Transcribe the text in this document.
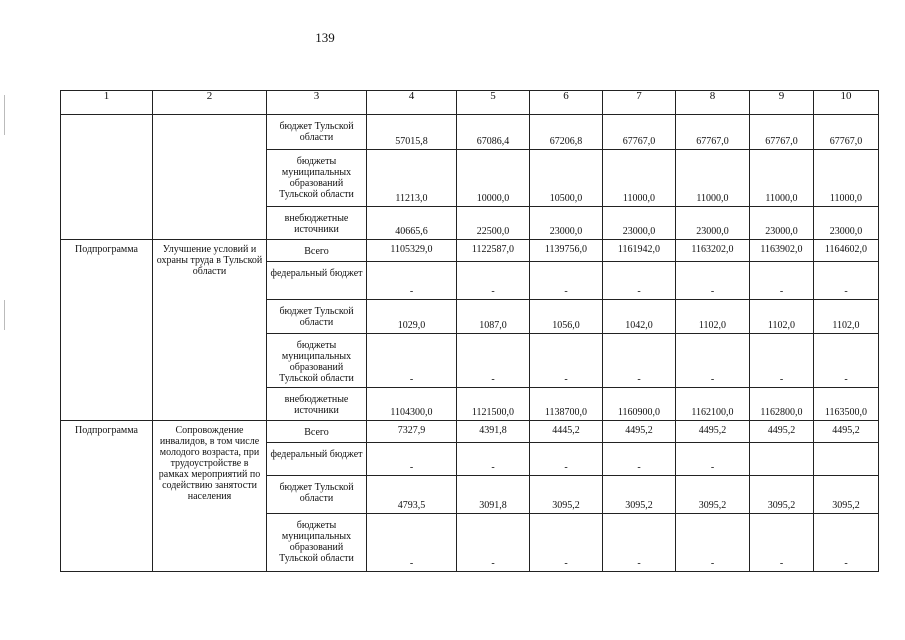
139
1	2	3	4	5	6	7	8	9	10
		бюджет Тульской области	57015,8	67086,4	67206,8	67767,0	67767,0	67767,0	67767,0
		бюджеты муниципальных образований Тульской области	11213,0	10000,0	10500,0	11000,0	11000,0	11000,0	11000,0
		внебюджетные источники	40665,6	22500,0	23000,0	23000,0	23000,0	23000,0	23000,0
Подпрограмма	Улучшение условий и охраны труда в Тульской области	Всего	1105329,0	1122587,0	1139756,0	1161942,0	1163202,0	1163902,0	1164602,0
		федеральный бюджет	-	-	-	-	-	-	-
		бюджет Тульской области	1029,0	1087,0	1056,0	1042,0	1102,0	1102,0	1102,0
		бюджеты муниципальных образований Тульской области	-	-	-	-	-	-	-
		внебюджетные источники	1104300,0	1121500,0	1138700,0	1160900,0	1162100,0	1162800,0	1163500,0
Подпрограмма	Сопровождение инвалидов, в том числе молодого возраста, при трудоустройстве в рамках мероприятий по содействию занятости населения	Всего	7327,9	4391,8	4445,2	4495,2	4495,2	4495,2	4495,2
		федеральный бюджет	-	-	-	-	-		
		бюджет Тульской области	4793,5	3091,8	3095,2	3095,2	3095,2	3095,2	3095,2
		бюджеты муниципальных образований Тульской области	-	-	-	-	-	-	-
